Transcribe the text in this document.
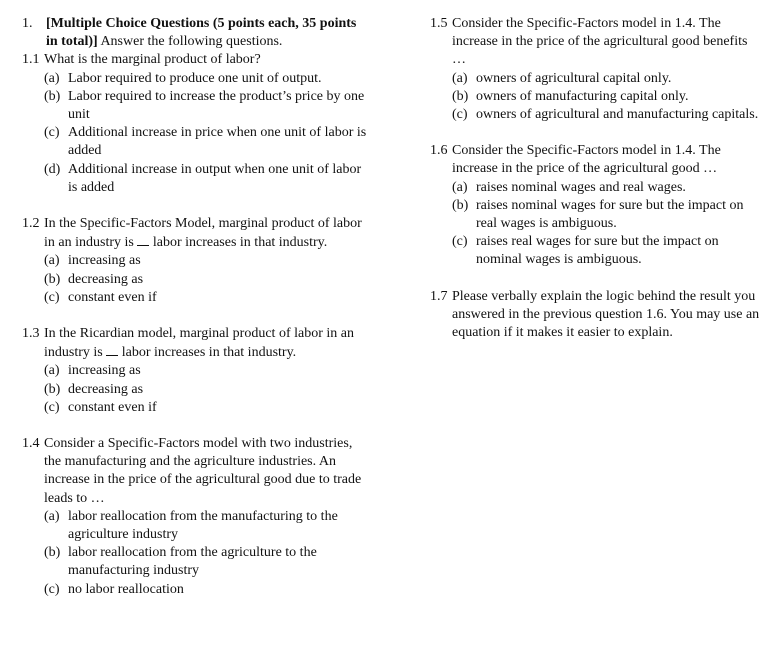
1. [Multiple Choice Questions (5 points each, 35 points in total)] Answer the following questions.
1.1 What is the marginal product of labor?
(a) Labor required to produce one unit of output.
(b) Labor required to increase the product’s price by one unit
(c) Additional increase in price when one unit of labor is added
(d) Additional increase in output when one unit of labor is added
1.2 In the Specific-Factors Model, marginal product of labor in an industry is  labor increases in that industry.
(a) increasing as
(b) decreasing as
(c) constant even if
1.3 In the Ricardian model, marginal product of labor in an industry is  labor increases in that industry.
(a) increasing as
(b) decreasing as
(c) constant even if
1.4 Consider a Specific-Factors model with two industries, the manufacturing and the agriculture industries. An increase in the price of the agricultural good due to trade leads to …
(a) labor reallocation from the manufacturing to the agriculture industry
(b) labor reallocation from the agriculture to the manufacturing industry
(c) no labor reallocation
1.5 Consider the Specific-Factors model in 1.4. The increase in the price of the agricultural good benefits …
(a) owners of agricultural capital only.
(b) owners of manufacturing capital only.
(c) owners of agricultural and manufacturing capitals.
1.6 Consider the Specific-Factors model in 1.4. The increase in the price of the agricultural good …
(a) raises nominal wages and real wages.
(b) raises nominal wages for sure but the impact on real wages is ambiguous.
(c) raises real wages for sure but the impact on nominal wages is ambiguous.
1.7 Please verbally explain the logic behind the result you answered in the previous question 1.6. You may use an equation if it makes it easier to explain.
